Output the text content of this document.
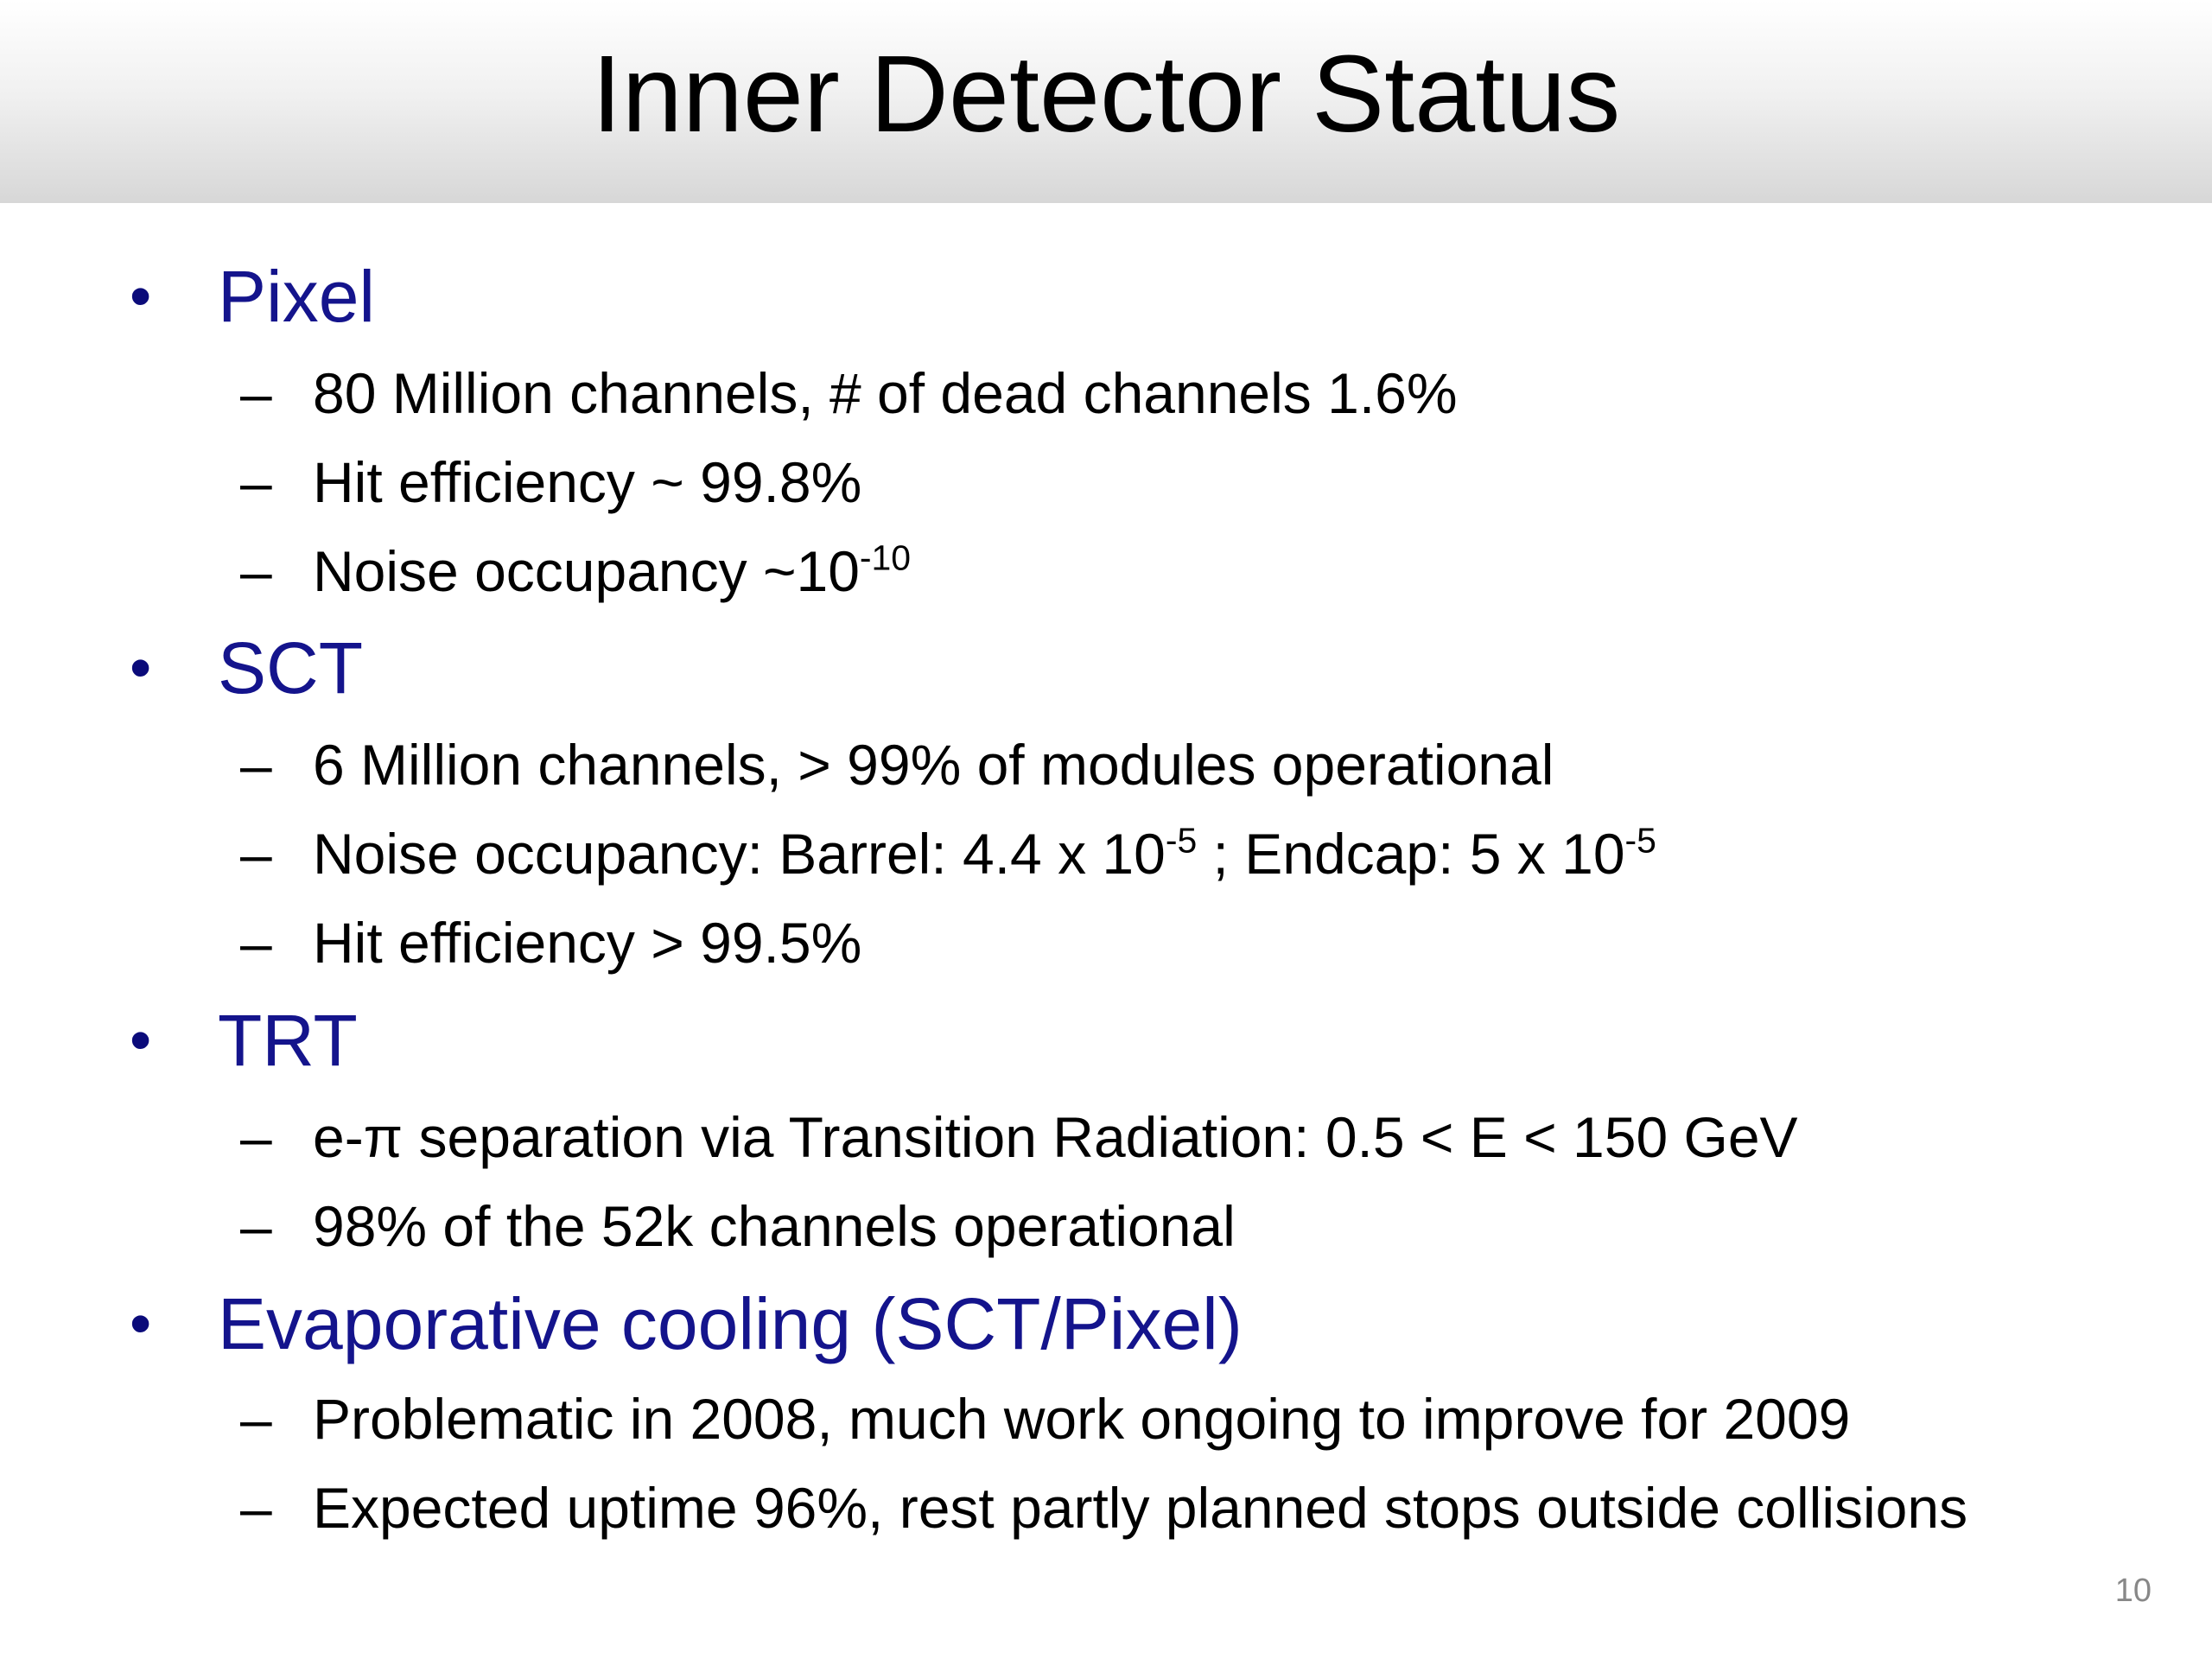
Inner Detector Status
• Pixel
– 80 Million channels, # of dead channels 1.6%
– Hit efficiency ~ 99.8%
– Noise occupancy $\sim 10^{-10}$
• SCT
– 6 Million channels, > 99% of modules operational
– Noise occupancy: Barrel: 4.4 x $10^{-5}$ ; Endcap: 5 x $10^{-5}$
– Hit efficiency > 99.5%
• TRT
– e-π separation via Transition Radiation: 0.5 < E < 150 GeV
– 98% of the 52k channels operational
• Evaporative cooling (SCT/Pixel)
– Problematic in 2008, much work ongoing to improve for 2009
– Expected uptime 96%, rest partly planned stops outside collisions
10
